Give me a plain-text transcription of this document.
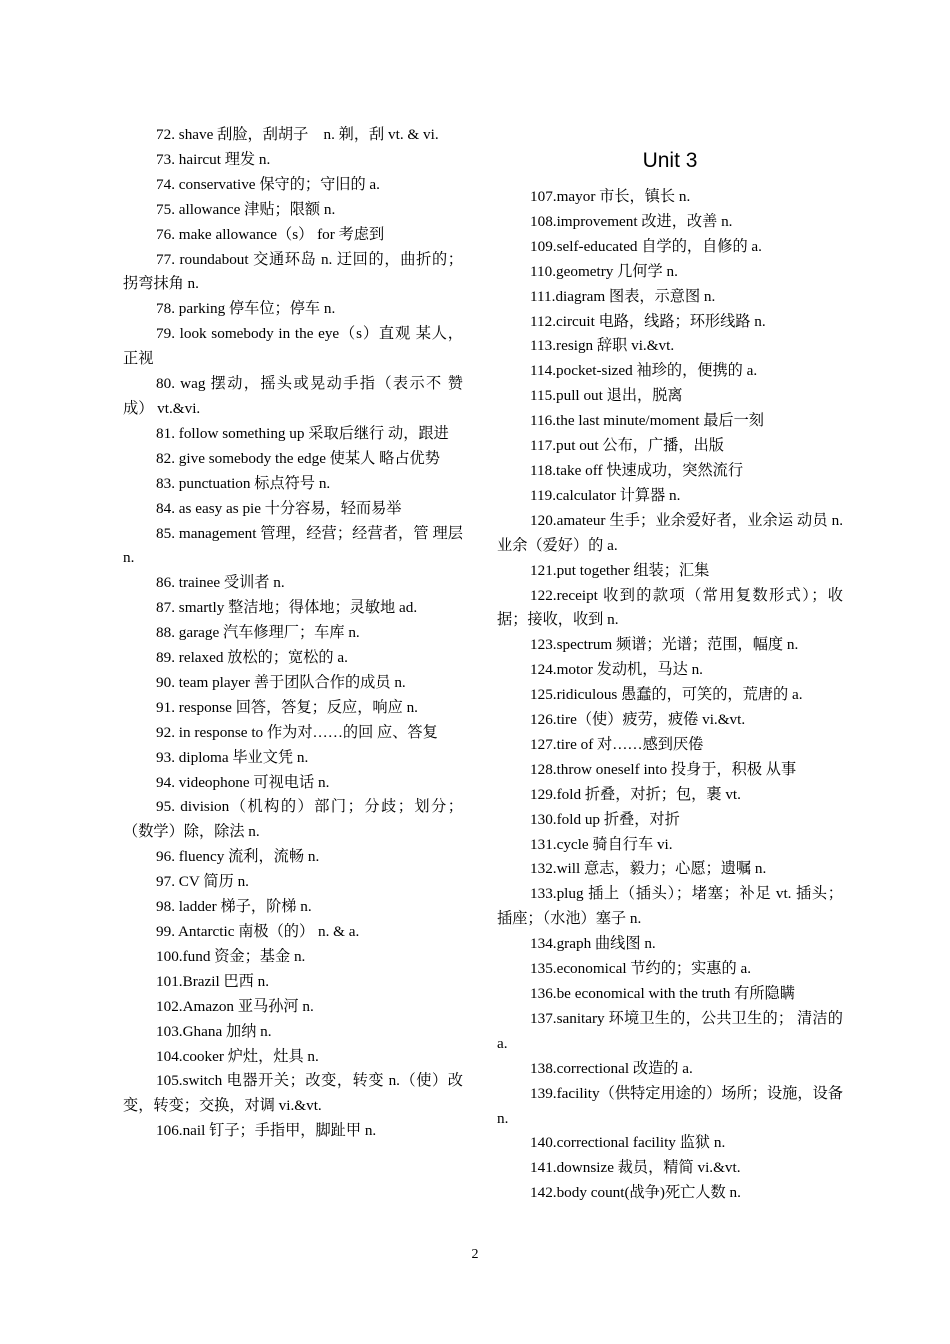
72. shave 刮脸，刮胡子　n. 剃，刮 vt. & vi.

73. haircut 理发 n.

74. conservative 保守的；守旧的 a.

75. allowance 津贴；限额 n.

76. make allowance（s） for 考虑到

77. roundabout 交通环岛 n. 迂回的，曲折的；拐弯抹角 n.

78. parking 停车位；停车 n.

79. look somebody in the eye（s）直观 某人，正视

80. wag 摆动，摇头或晃动手指（表示不 赞成） vt.&vi.

81. follow something up 采取后继行 动，跟进

82. give somebody the edge 使某人 略占优势

83. punctuation 标点符号 n.

84. as easy as pie 十分容易，轻而易举

85. management 管理，经营；经营者，管 理层 n.

86. trainee 受训者 n.

87. smartly 整洁地；得体地；灵敏地 ad.

88. garage 汽车修理厂；车库 n.

89. relaxed 放松的；宽松的 a.

90. team player 善于团队合作的成员 n.

91. response 回答，答复；反应，响应 n.

92. in response to 作为对……的回 应、答复

93. diploma 毕业文凭 n.

94. videophone 可视电话 n.

95. division（机构的）部门；分歧；划分；（数学）除，除法 n.

96. fluency 流利，流畅 n.

97. CV 简历 n.

98. ladder 梯子，阶梯 n.

99. Antarctic 南极（的） n. & a.

100.fund 资金；基金 n.

101.Brazil 巴西 n.

102.Amazon 亚马孙河 n.

103.Ghana 加纳 n.

104.cooker 炉灶，灶具 n.

105.switch 电器开关；改变，转变 n.（使）改变，转变；交换，对调 vi.&vt.

106.nail 钉子；手指甲，脚趾甲 n.

Unit 3

107.mayor 市长，镇长 n.

108.improvement 改进，改善 n.

109.self-educated 自学的，自修的 a.

110.geometry 几何学 n.

111.diagram 图表，示意图 n.

112.circuit 电路，线路；环形线路 n.

113.resign 辞职 vi.&vt.

114.pocket-sized 袖珍的，便携的 a.

115.pull out 退出，脱离

116.the last minute/moment 最后一刻

117.put out 公布，广播，出版

118.take off 快速成功，突然流行

119.calculator 计算器 n.

120.amateur 生手；业余爱好者，业余运 动员 n. 业余（爱好）的 a.

121.put together 组装；汇集

122.receipt 收到的款项（常用复数形式）；收据；接收，收到 n.

123.spectrum 频谱；光谱；范围，幅度 n.

124.motor 发动机，马达 n.

125.ridiculous 愚蠢的，可笑的，荒唐的 a.

126.tire（使）疲劳，疲倦 vi.&vt.

127.tire of 对……感到厌倦

128.throw oneself into 投身于，积极 从事

129.fold 折叠，对折；包，裹 vt.

130.fold up 折叠，对折

131.cycle 骑自行车 vi.

132.will 意志，毅力；心愿；遗嘱 n.

133.plug 插上（插头）；堵塞；补足 vt. 插头；插座；（水池）塞子 n.

134.graph 曲线图 n.

135.economical 节约的；实惠的 a.

136.be economical with the truth 有所隐瞒

137.sanitary 环境卫生的，公共卫生的； 清洁的 a.

138.correctional 改造的 a.

139.facility（供特定用途的）场所；设施，设备 n.

140.correctional facility 监狱 n.

141.downsize 裁员，精简 vi.&vt.

142.body count(战争)死亡人数 n.

2
